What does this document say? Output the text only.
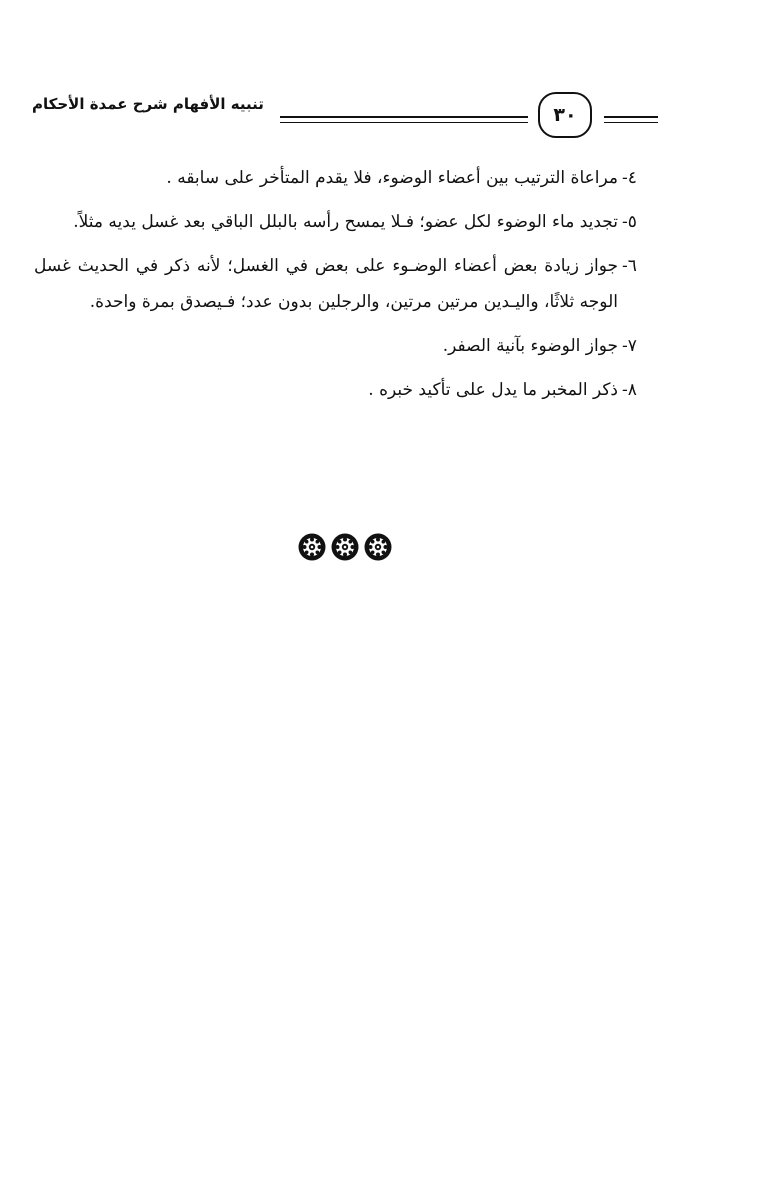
تنبيه الأفهام شرح عمدة الأحكام	٣٠
٤-

مراعاة الترتيب بين أعضاء الوضوء، فلا يقدم المتأخر على سابقه .

٥-

تجديد ماء الوضوء لكل عضو؛ فـلا يمسح رأسه بالبلل الباقي بعد غسل يديه مثلاً.

٦-

جواز زيادة بعض أعضاء الوضـوء على بعض في الغسل؛ لأنه ذكر في الحديث غسل الوجه ثلاثًا، واليـدين مرتين مرتين، والرجلين بدون عدد؛ فـيصدق بمرة واحدة.

٧-

جواز الوضوء بآنية الصفر.

٨-

ذكر المخبر ما يدل على تأكيد خبره .
